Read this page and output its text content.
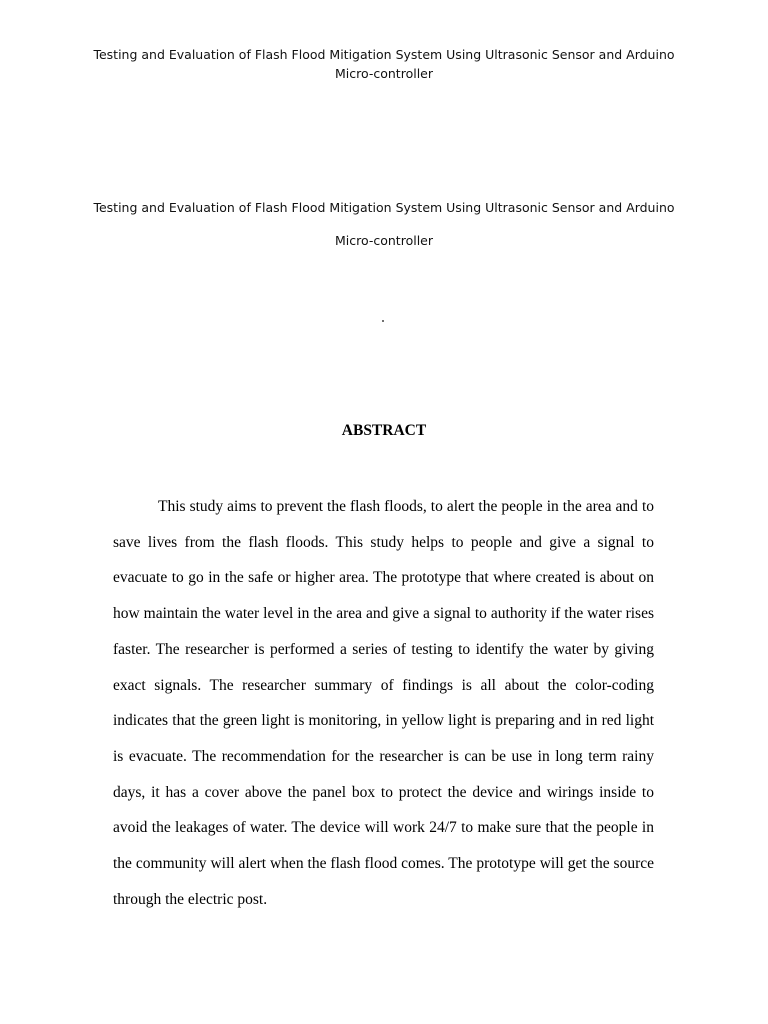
Testing and Evaluation of Flash Flood Mitigation System Using Ultrasonic Sensor and Arduino
Micro-controller
Testing and Evaluation of Flash Flood Mitigation System Using Ultrasonic Sensor and Arduino
Micro-controller
ABSTRACT

This study aims to prevent the flash floods, to alert the people in the area and to save lives from the flash floods. This study helps to people and give a signal to evacuate to go in the safe or higher area. The prototype that where created is about on how maintain the water level in the area and give a signal to authority if the water rises faster. The researcher is performed a series of testing to identify the water by giving exact signals. The researcher summary of findings is all about the color-coding indicates that the green light is monitoring, in yellow light is preparing and in red light is evacuate. The recommendation for the researcher is can be use in long term rainy days, it has a cover above the panel box to protect the device and wirings inside to avoid the leakages of water. The device will work 24/7 to make sure that the people in the community will alert when the flash flood comes. The prototype will get the source through the electric post.
